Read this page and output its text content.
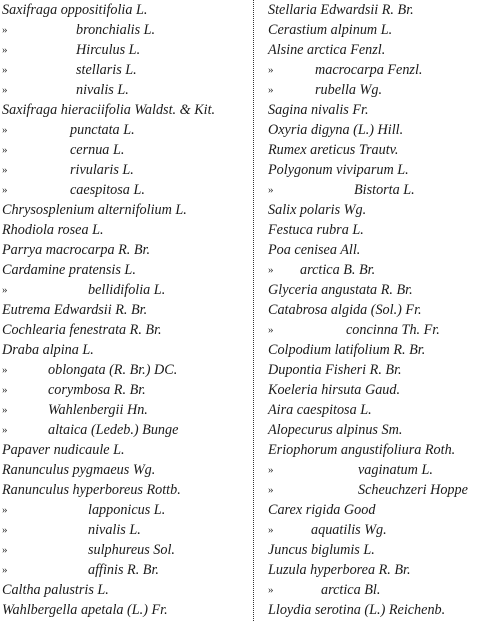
Saxifraga oppositifolia L.
»	bronchialis L.
»	Hirculus L.
»	stellaris L.
»	nivalis L.
Saxifraga hieraciifolia Waldst. & Kit.
»	punctata L.
»	cernua L.
»	rivularis L.
»	caespitosa L.
Chrysosplenium alternifolium L.
Rhodiola rosea L.
Parrya macrocarpa R. Br.
Cardamine pratensis L.
»	bellidifolia L.
Eutrema Edwardsii R. Br.
Cochlearia fenestrata R. Br.
Draba alpina L.
»	oblongata (R. Br.) DC.
»	corymbosa R. Br.
»	Wahlenbergii Hn.
»	altaica (Ledeb.) Bunge
Papaver nudicaule L.
Ranunculus pygmaeus Wg.
Ranunculus hyperboreus Rottb.
»	lapponicus L.
»	nivalis L.
»	sulphureus Sol.
»	affinis R. Br.
Caltha palustris L.
Wahlbergella apetala (L.) Fr.
Stellaria Edwardsii R. Br.
Cerastium alpinum L.
Alsine arctica Fenzl.
»	macrocarpa Fenzl.
»	rubella Wg.
Sagina nivalis Fr.
Oxyria digyna (L.) Hill.
Rumex areticus Trautv.
Polygonum viviparum L.
»	Bistorta L.
Salix polaris Wg.
Festuca rubra L.
Poa cenisea All.
» arctica B. Br.
Glyceria angustata R. Br.
Catabrosa algida (Sol.) Fr.
»	concinna Th. Fr.
Colpodium latifolium R. Br.
Dupontia Fisheri R. Br.
Koeleria hirsuta Gaud.
Aira caespitosa L.
Alopecurus alpinus Sm.
Eriophorum angustifoliura Roth.
»	vaginatum L.
»	Scheuchzeri Hoppe
Carex rigida Good
»	aquatilis Wg.
Juncus biglumis L.
Luzula hyperborea R. Br.
»	arctica Bl.
Lloydia serotina (L.) Reichenb.
